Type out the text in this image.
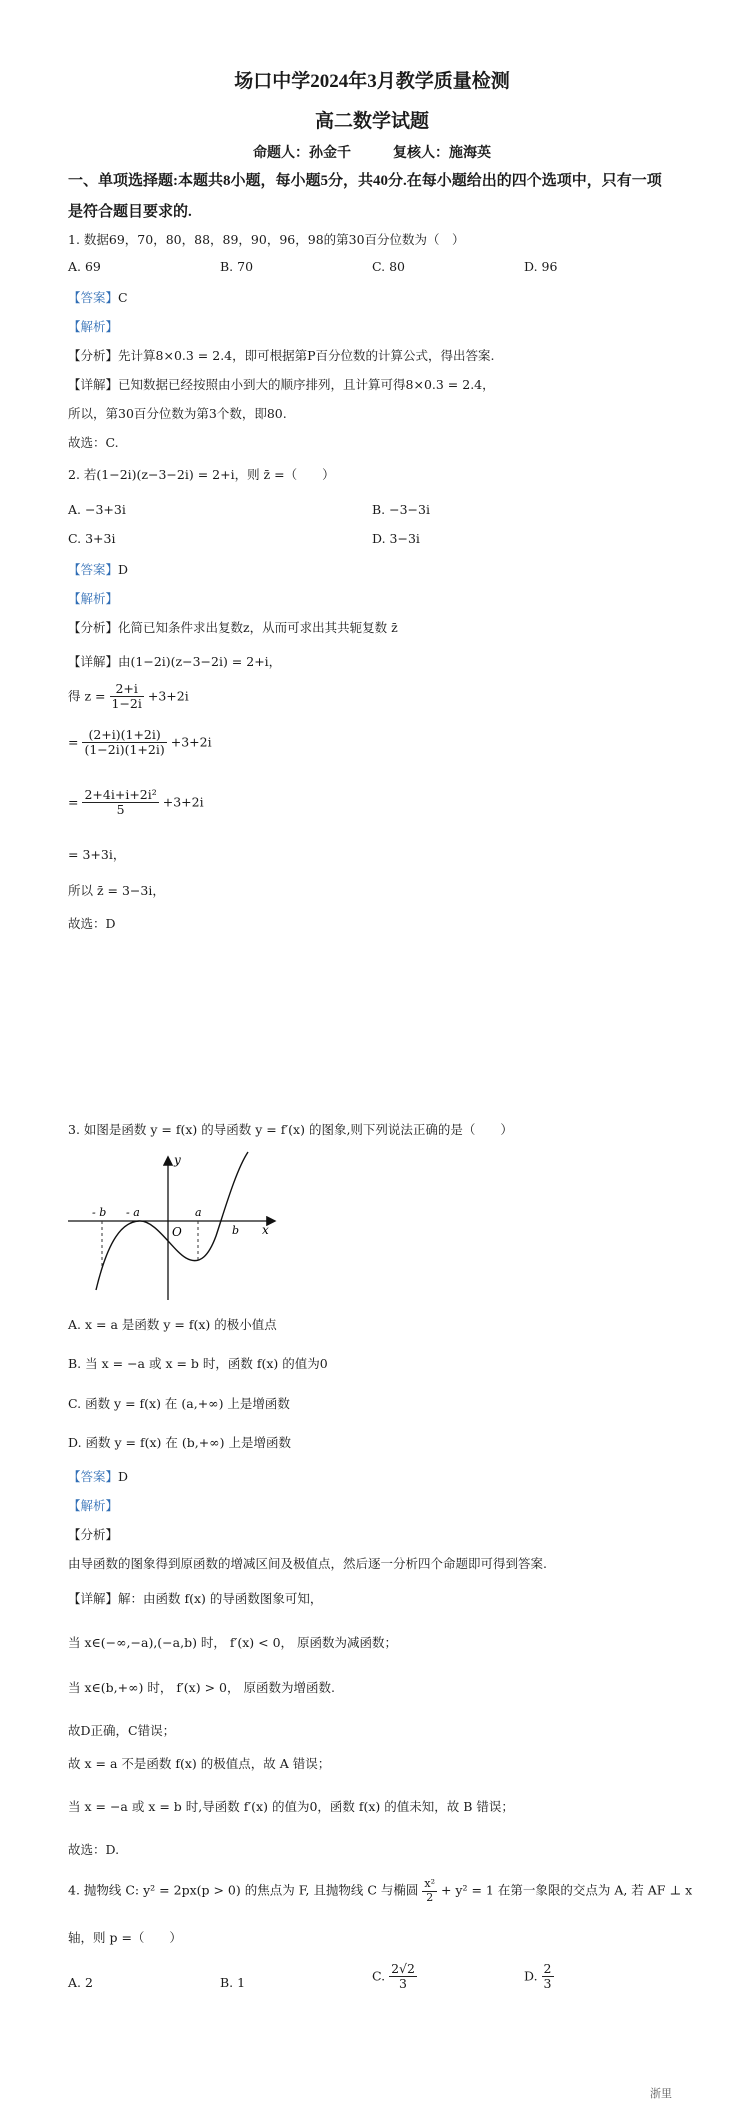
场口中学2024年3月教学质量检测
高二数学试题
命题人：孙金千　　　复核人：施海英
一、单项选择题:本题共8小题，每小题5分，共40分.在每小题给出的四个选项中，只有一项
是符合题目要求的.
1. 数据69，70，80，88，89，90，96，98的第30百分位数为（　）
A. 69	B. 70	C. 80	D. 96
【答案】C
【解析】
【分析】先计算8×0.3 = 2.4，即可根据第P百分位数的计算公式，得出答案.
【详解】已知数据已经按照由小到大的顺序排列，且计算可得8×0.3 = 2.4，
所以，第30百分位数为第3个数，即80.
故选：C.
2. 若(1−2i)(z−3−2i) = 2+i，则 z̄ =（　　）
A. −3+3i	B. −3−3i
C. 3+3i	D. 3−3i
【答案】D
【解析】
【分析】化简已知条件求出复数z，从而可求出其共轭复数 z̄
【详解】由(1−2i)(z−3−2i) = 2+i，
得 $z = \frac{2+i}{1-2i} +3+2i$
= $\frac{(2+i)(1+2i)}{(1-2i)(1+2i)} +3+2i$
= $\frac{\text{2+4i+i+2i²}}{5} +3+2i$
= 3+3i，
所以 z̄ = 3−3i，
故选：D
3. 如图是函数 y = f(x) 的导函数 y = f′(x) 的图象,则下列说法正确的是（　　）
y
x
O
- b - a	a
b
A. x = a 是函数 y = f(x) 的极小值点
B. 当 x = −a 或 x = b 时，函数 f(x) 的值为0
C. 函数 y = f(x) 在 (a,+∞) 上是增函数
D. 函数 y = f(x) 在 (b,+∞) 上是增函数
【答案】D
【解析】
【分析】
由导函数的图象得到原函数的增减区间及极值点，然后逐一分析四个命题即可得到答案.
【详解】解：由函数 f(x) 的导函数图象可知，
当 x∈(−∞,−a),(−a,b) 时， f′(x) < 0， 原函数为减函数；
当 x∈(b,+∞) 时， f′(x) > 0， 原函数为增函数.
故D正确，C错误；
故 x = a 不是函数 f(x) 的极值点，故 A 错误；
当 x = −a 或 x = b 时,导函数 f′(x) 的值为0，函数 f(x) 的值未知，故 B 错误；
故选：D.
4. 抛物线 C: y² = 2px(p > 0) 的焦点为 F, 且抛物线 C 与椭圆 $\frac{\text{x²}}{2} + y^2 = 1$ 在第一象限的交点为 A, 若 AF ⊥ x
轴，则 p =（　　）
A. 2	B. 1	C. $\frac{2√2}{3}$	D. $\frac{2}{3}$
浙里
